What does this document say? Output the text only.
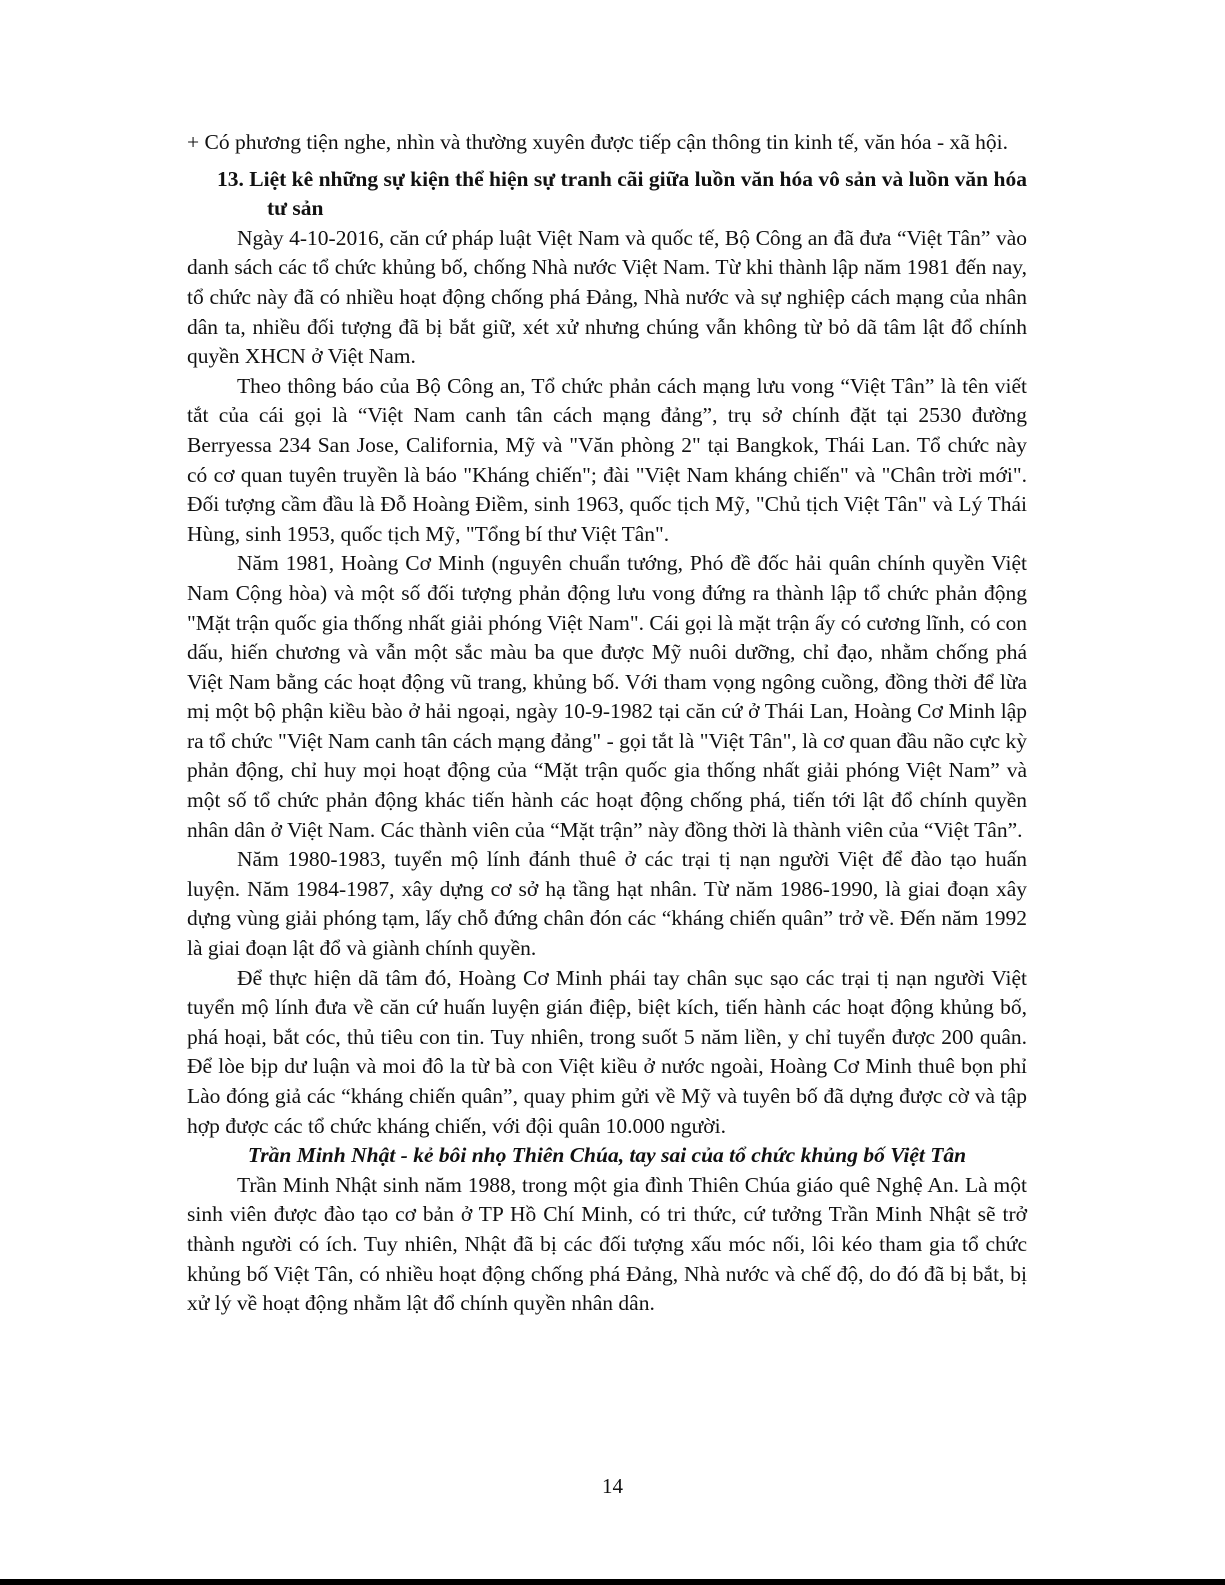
+ Có phương tiện nghe, nhìn và thường xuyên được tiếp cận thông tin kinh tế, văn hóa - xã hội.

13. Liệt kê những sự kiện thể hiện sự tranh cãi giữa luồn văn hóa vô sản và luồn văn hóa tư sản

Ngày 4-10-2016, căn cứ pháp luật Việt Nam và quốc tế, Bộ Công an đã đưa “Việt Tân” vào danh sách các tổ chức khủng bố, chống Nhà nước Việt Nam. Từ khi thành lập năm 1981 đến nay, tổ chức này đã có nhiều hoạt động chống phá Đảng, Nhà nước và sự nghiệp cách mạng của nhân dân ta, nhiều đối tượng đã bị bắt giữ, xét xử nhưng chúng vẫn không từ bỏ dã tâm lật đổ chính quyền XHCN ở Việt Nam.

Theo thông báo của Bộ Công an, Tổ chức phản cách mạng lưu vong “Việt Tân” là tên viết tắt của cái gọi là “Việt Nam canh tân cách mạng đảng”, trụ sở chính đặt tại 2530 đường Berryessa 234 San Jose, California, Mỹ và "Văn phòng 2" tại Bangkok, Thái Lan. Tổ chức này có cơ quan tuyên truyền là báo "Kháng chiến"; đài "Việt Nam kháng chiến" và "Chân trời mới". Đối tượng cầm đầu là Đỗ Hoàng Điềm, sinh 1963, quốc tịch Mỹ, "Chủ tịch Việt Tân" và Lý Thái Hùng, sinh 1953, quốc tịch Mỹ, "Tổng bí thư Việt Tân".

Năm 1981, Hoàng Cơ Minh (nguyên chuẩn tướng, Phó đề đốc hải quân chính quyền Việt Nam Cộng hòa) và một số đối tượng phản động lưu vong đứng ra thành lập tổ chức phản động "Mặt trận quốc gia thống nhất giải phóng Việt Nam". Cái gọi là mặt trận ấy có cương lĩnh, có con dấu, hiến chương và vẫn một sắc màu ba que được Mỹ nuôi dưỡng, chỉ đạo, nhằm chống phá Việt Nam bằng các hoạt động vũ trang, khủng bố. Với tham vọng ngông cuồng, đồng thời để lừa mị một bộ phận kiều bào ở hải ngoại, ngày 10-9-1982 tại căn cứ ở Thái Lan, Hoàng Cơ Minh lập ra tổ chức "Việt Nam canh tân cách mạng đảng" - gọi tắt là "Việt Tân", là cơ quan đầu não cực kỳ phản động, chỉ huy mọi hoạt động của “Mặt trận quốc gia thống nhất giải phóng Việt Nam” và một số tổ chức phản động khác tiến hành các hoạt động chống phá, tiến tới lật đổ chính quyền nhân dân ở Việt Nam. Các thành viên của “Mặt trận” này đồng thời là thành viên của “Việt Tân”.

Năm 1980-1983, tuyển mộ lính đánh thuê ở các trại tị nạn người Việt để đào tạo huấn luyện. Năm 1984-1987, xây dựng cơ sở hạ tầng hạt nhân. Từ năm 1986-1990, là giai đoạn xây dựng vùng giải phóng tạm, lấy chỗ đứng chân đón các “kháng chiến quân” trở về. Đến năm 1992 là giai đoạn lật đổ và giành chính quyền.

Để thực hiện dã tâm đó, Hoàng Cơ Minh phái tay chân sục sạo các trại tị nạn người Việt tuyển mộ lính đưa về căn cứ huấn luyện gián điệp, biệt kích, tiến hành các hoạt động khủng bố, phá hoại, bắt cóc, thủ tiêu con tin. Tuy nhiên, trong suốt 5 năm liền, y chỉ tuyển được 200 quân. Để lòe bịp dư luận và moi đô la từ bà con Việt kiều ở nước ngoài, Hoàng Cơ Minh thuê bọn phỉ Lào đóng giả các “kháng chiến quân”, quay phim gửi về Mỹ và tuyên bố đã dựng được cờ và tập hợp được các tổ chức kháng chiến, với đội quân 10.000 người.

Trần Minh Nhật - kẻ bôi nhọ Thiên Chúa, tay sai của tổ chức khủng bố Việt Tân

Trần Minh Nhật sinh năm 1988, trong một gia đình Thiên Chúa giáo quê Nghệ An. Là một sinh viên được đào tạo cơ bản ở TP Hồ Chí Minh, có tri thức, cứ tưởng Trần Minh Nhật sẽ trở thành người có ích. Tuy nhiên, Nhật đã bị các đối tượng xấu móc nối, lôi kéo tham gia tổ chức khủng bố Việt Tân, có nhiều hoạt động chống phá Đảng, Nhà nước và chế độ, do đó đã bị bắt, bị xử lý về hoạt động nhằm lật đổ chính quyền nhân dân.

14
